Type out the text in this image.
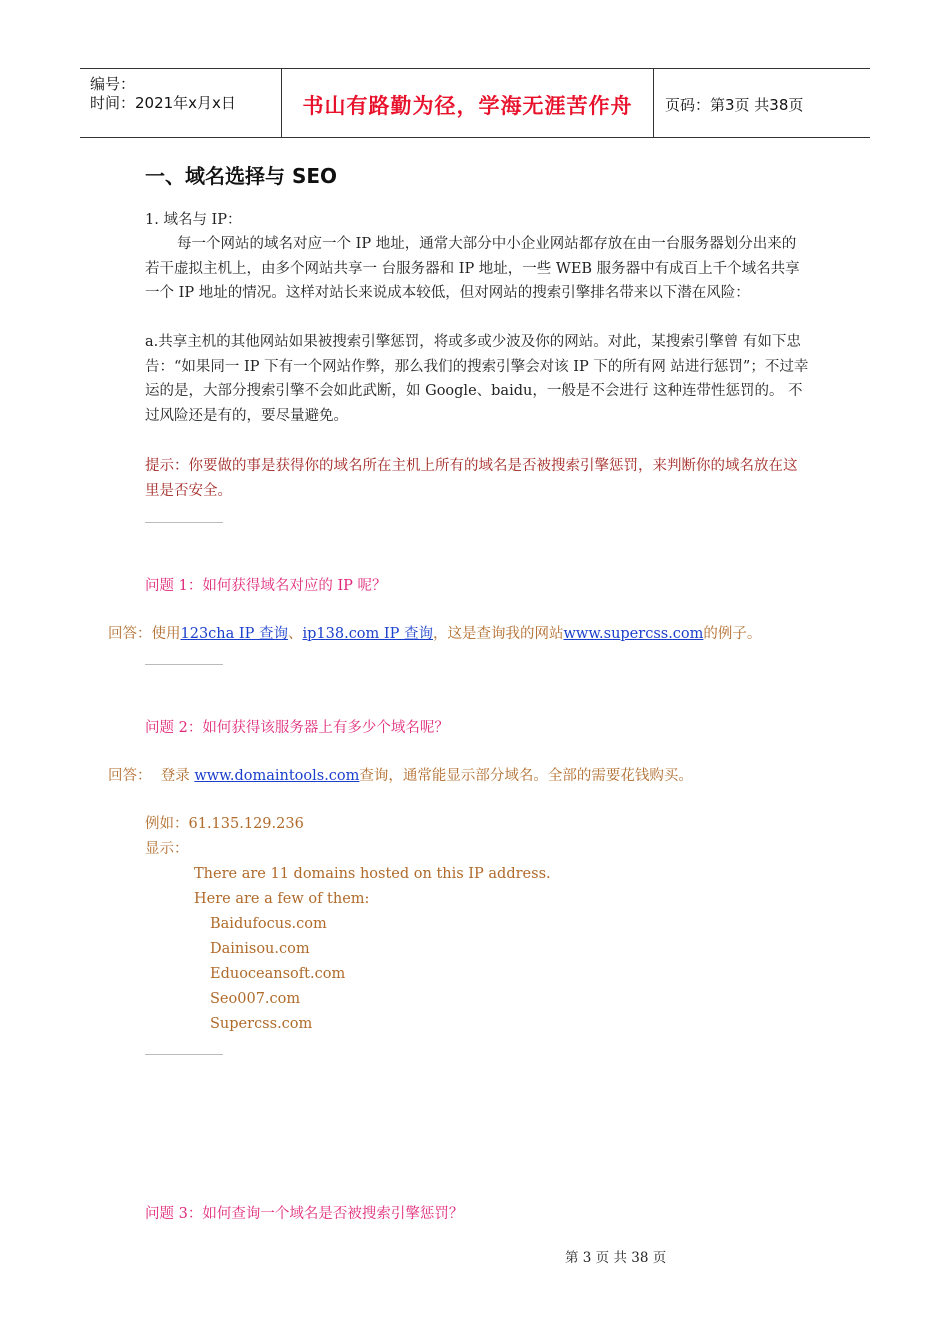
编号：
时间：2021年x月x日	书山有路勤为径，学海无涯苦作舟 页码：第3页 共38页
一、域名选择与 SEO
1. 域名与 IP：
每一个网站的域名对应一个 IP 地址，通常大部分中小企业网站都存放在由一台服务器划分出来的若干虚拟主机上，由多个网站共享一 台服务器和 IP 地址，一些 WEB 服务器中有成百上千个域名共享一个 IP 地址的情况。这样对站长来说成本较低，但对网站的搜索引擎排名带来以下潜在风险：
a.共享主机的其他网站如果被搜索引擎惩罚，将或多或少波及你的网站。对此，某搜索引擎曾 有如下忠告：“如果同一 IP 下有一个网站作弊，那么我们的搜索引擎会对该 IP 下的所有网 站进行惩罚”；不过幸运的是，大部分搜索引擎不会如此武断，如 Google、baidu，一般是不会进行 这种连带性惩罚的。 不过风险还是有的，要尽量避免。
提示：你要做的事是获得你的域名所在主机上所有的域名是否被搜索引擎惩罚，来判断你的域名放在这里是否安全。
问题 1：如何获得域名对应的 IP 呢？
回答：使用123cha IP 查询、ip138.com IP 查询，这是查询我的网站www.supercss.com的例子。
问题 2：如何获得该服务器上有多少个域名呢？
回答：  登录 www.domaintools.com查询，通常能显示部分域名。全部的需要花钱购买。
例如：61.135.129.236
显示：
There are 11 domains hosted on this IP address.
Here are a few of them:
Baidufocus.com
Dainisou.com
Eduoceansoft.com
Seo007.com
Supercss.com
问题 3：如何查询一个域名是否被搜索引擎惩罚？
第 3 页 共 38 页
